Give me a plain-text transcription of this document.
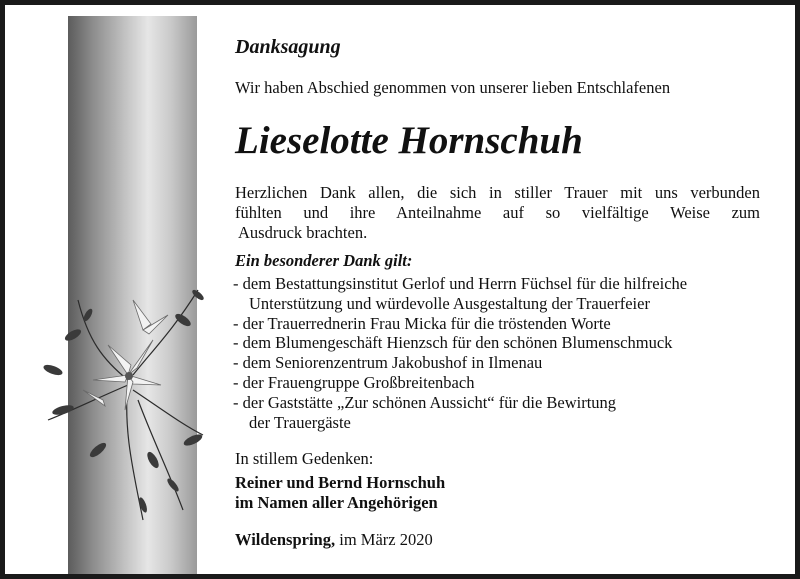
Danksagung
Wir haben Abschied genommen von unserer lieben Entschlafenen
Lieselotte Hornschuh
Herzlichen Dank allen, die sich in stiller Trauer mit uns verbunden
fühlten und ihre Anteilnahme auf so vielfältige Weise zum
Ausdruck brachten.
Ein besonderer Dank gilt:
- dem Bestattungsinstitut Gerlof und Herrn Füchsel für die hilfreiche
Unterstützung und würdevolle Ausgestaltung der Trauerfeier
- der Trauerrednerin Frau Micka für die tröstenden Worte
- dem Blumengeschäft Hienzsch für den schönen Blumenschmuck
- dem Seniorenzentrum Jakobushof in Ilmenau
- der Frauengruppe Großbreitenbach
- der Gaststätte „Zur schönen Aussicht“ für die Bewirtung
der Trauergäste
In stillem Gedenken:
Reiner und Bernd Hornschuh
im Namen aller Angehörigen
Wildenspring, im März 2020
